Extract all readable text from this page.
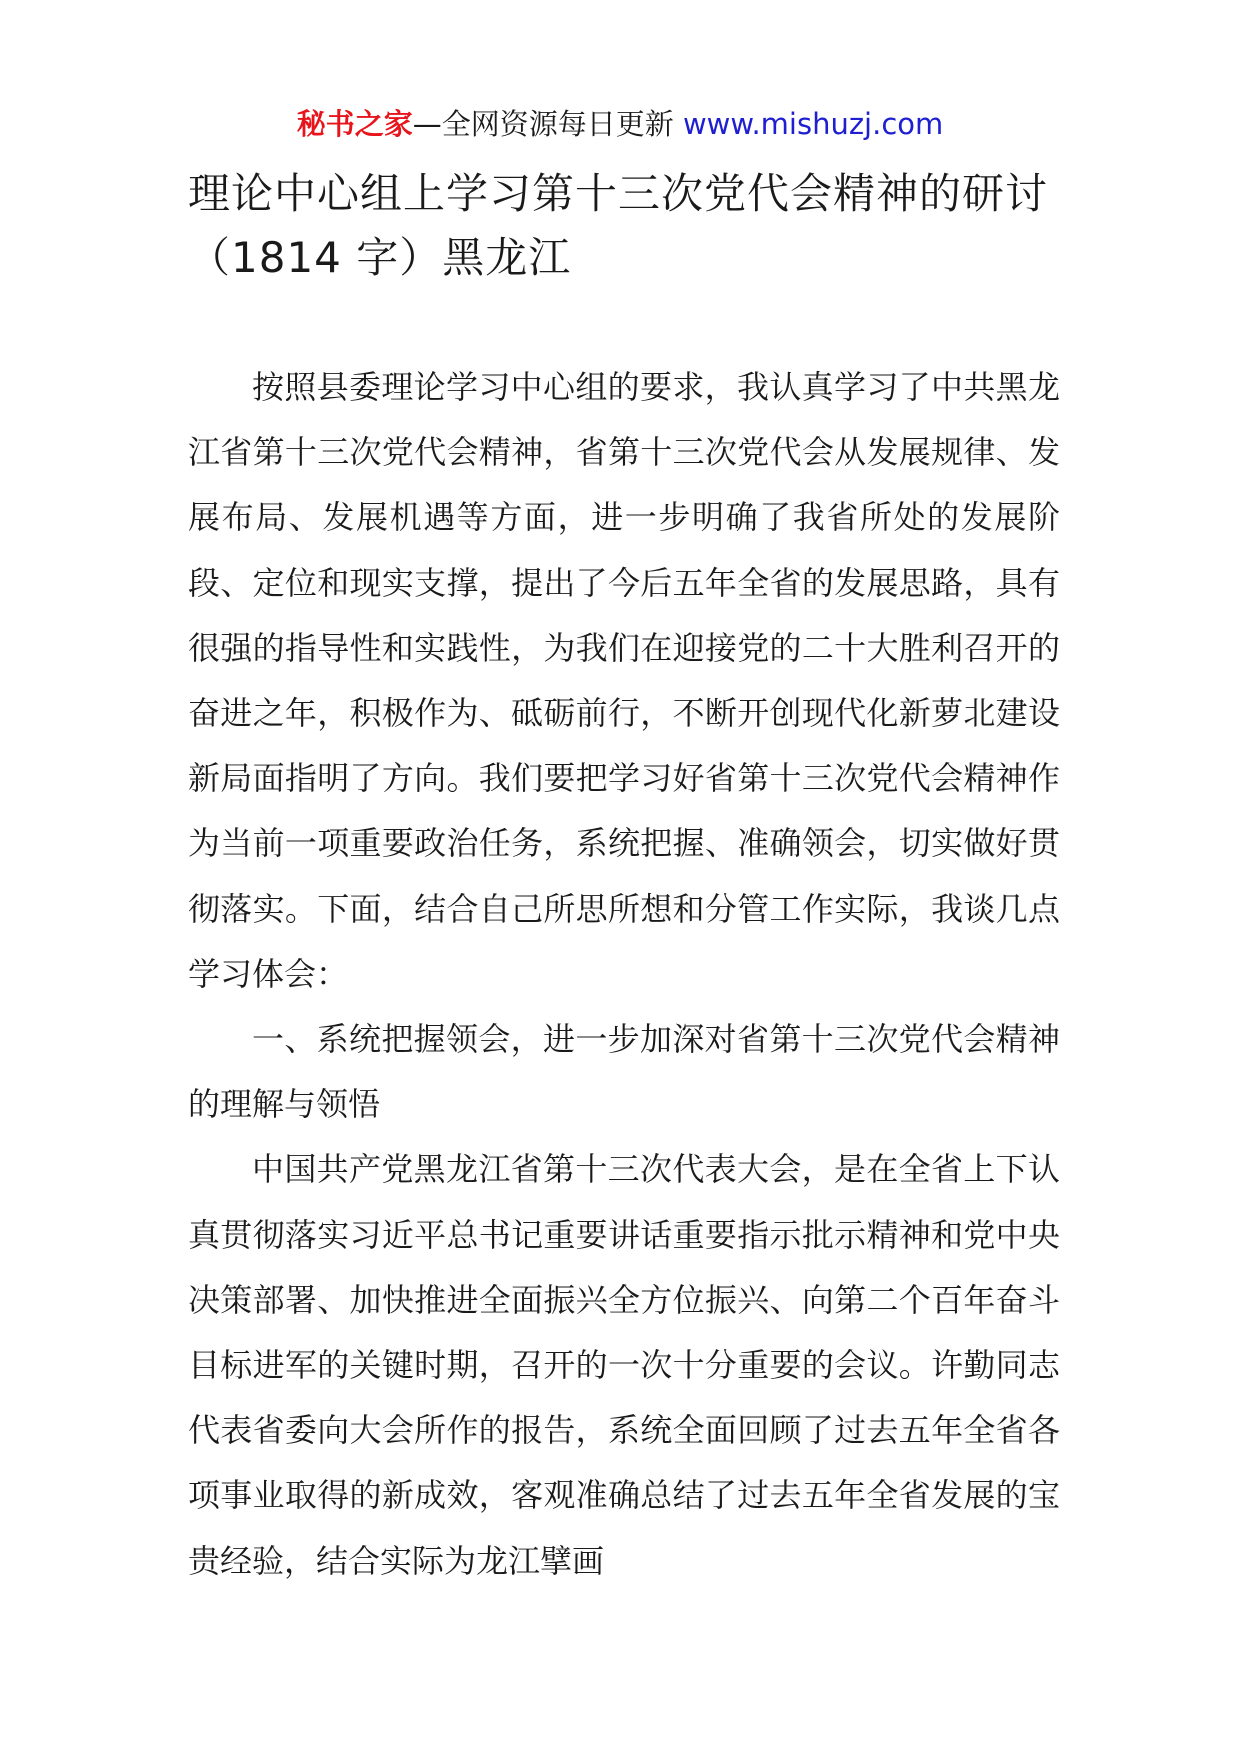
秘书之家—全网资源每日更新 www.mishuzj.com
理论中心组上学习第十三次党代会精神的研讨（1814 字）黑龙江

按照县委理论学习中心组的要求，我认真学习了中共黑龙江省第十三次党代会精神，省第十三次党代会从发展规律、发展布局、发展机遇等方面，进一步明确了我省所处的发展阶段、定位和现实支撑，提出了今后五年全省的发展思路，具有很强的指导性和实践性，为我们在迎接党的二十大胜利召开的奋进之年，积极作为、砥砺前行，不断开创现代化新萝北建设新局面指明了方向。我们要把学习好省第十三次党代会精神作为当前一项重要政治任务，系统把握、准确领会，切实做好贯彻落实。下面，结合自己所思所想和分管工作实际，我谈几点学习体会：

一、系统把握领会，进一步加深对省第十三次党代会精神的理解与领悟

中国共产党黑龙江省第十三次代表大会，是在全省上下认真贯彻落实习近平总书记重要讲话重要指示批示精神和党中央决策部署、加快推进全面振兴全方位振兴、向第二个百年奋斗目标进军的关键时期，召开的一次十分重要的会议。许勤同志代表省委向大会所作的报告，系统全面回顾了过去五年全省各项事业取得的新成效，客观准确总结了过去五年全省发展的宝贵经验，结合实际为龙江擘画
